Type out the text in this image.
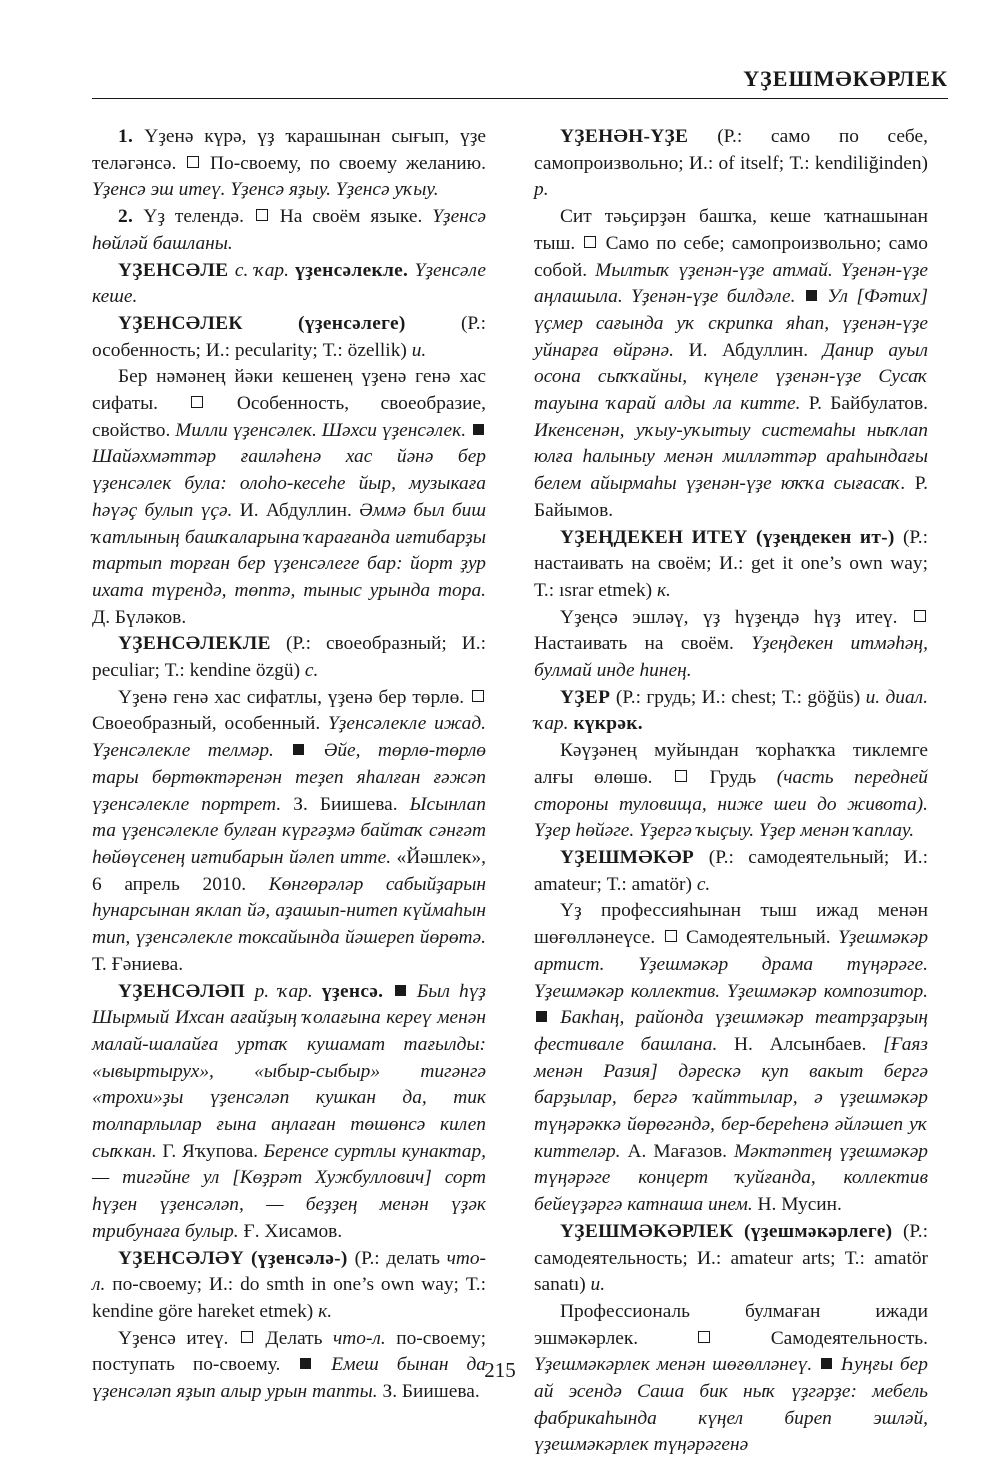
ҮҘЕШМӘКӘРЛЕК

1. Үҙенә күрә, үҙ ҡарашынан сығып, үҙе теләгәнсә.  По-своему, по своему желанию. Үҙенсә эш итеү. Үҙенсә яҙыу. Үҙенсә уҡыу.

2. Үҙ телендә.  На своём языке. Үҙенсә һөйләй башланы.

ҮҘЕНСӘЛЕ с. ҡар. үҙенсәлекле. Үҙенсәле кеше.

ҮҘЕНСӘЛЕК (үҙенсәлеге) (Р.: особенность; И.: pecularity; Т.: özellik) и.

Бер нәмәнең йәки кешенең үҙенә генә хас сифаты.  Особенность, своеобразие, свойство. Милли үҙенсәлек. Шәхси үҙенсәлек.  Шайәхмәттәр ғаиләһенә хас йәнә бер үҙенсәлек була: олоһо-кесеһе йыр, музыкаға һәүәҫ булып үҫә. И. Абдуллин. Әммә был биш ҡатлының башҡаларына ҡарағанда иғтибарҙы тартып торған бер үҙенсәлеге бар: йорт ҙур ихата түрендә, төптә, тыныс урында тора. Д. Бүләков.

ҮҘЕНСӘЛЕКЛЕ (Р.: своеобразный; И.: peculiar; Т.: kendine özgü) с.

Үҙенә генә хас сифатлы, үҙенә бер төрлө.  Своеобразный, особенный. Үҙенсәлекле ижад. Үҙенсәлекле телмәр.  Әйе, төрлө-төрлө тары бөртөктәренән теҙеп яһалған ғәжәп үҙенсәлекле портрет. З. Биишева. Ысынлап та үҙенсәлекле булған күргәҙмә байтаҡ сәнғәт һөйөүсенең иғтибарын йәлеп итте. «Йәшлек», 6 апрель 2010. Көнгөрәләр сабыйҙарын һунарсынан яклап йә, аҙашып-нитеп күймаһын тип, үҙенсәлекле токсайында йәшереп йөрөтә. Т. Ғәниева.

ҮҘЕНСӘЛӘП р. ҡар. үҙенсә.  Был һүҙ Шырмый Ихсан ағайҙың ҡолағына кереү менән малай-шалайға уртаҡ кушамат тағылды: «ывыртырух», «ыбыр-сыбыр» тигәнгә «трохи»ҙы үҙенсәләп кушкан да, тик толпарлылар ғына аңлаған төшөнсә килеп сыҡкан. Г. Яҡупова. Беренсе суртлы кунактар, — тигәйне ул [Көҙрәт Хужбуллович] сорт һүҙен үҙенсәләп, — беҙҙең менән үҙәк трибунаға булыр. Ғ. Хисамов.

ҮҘЕНСӘЛӘҮ (үҙенсәлә-) (Р.: делать что-л. по-своему; И.: do smth in one’s own way; Т.: kendine göre hareket etmek) к.

Үҙенсә итеү.  Делать что-л. по-своему; поступать по-своему.  Емеш бынан да үҙенсәләп яҙып алыр урын тапты. З. Биишева.

ҮҘЕНӘН-ҮҘЕ (Р.: само по себе, самопроизвольно; И.: of itself; Т.: kendiliğinden) р.

Сит тәьҫирҙән башҡа, кеше ҡатнашынан тыш.  Само по себе; самопроизвольно; само собой. Мылтыҡ үҙенән-үҙе атмай. Үҙенән-үҙе аңлашыла. Үҙенән-үҙе билдәле.  Ул [Фәтих] үҫмер сағында уҡ скрипка яһап, үҙенән-үҙе уйнарға өйрәнә. И. Абдуллин. Данир ауыл осона сыҡҡайны, күңеле үҙенән-үҙе Сусаҡ тауына ҡарай алды ла китте. Р. Байбулатов. Икенсенән, уҡыу-уҡытыу системаһы ныҡлап юлға һалыныу менән милләттәр араһындағы белем айырмаһы үҙенән-үҙе юҡҡа сығасаҡ. Р. Байымов.

ҮҘЕҢДЕКЕН ИТЕҮ (үҙеңдекен ит-) (Р.: настаивать на своём; И.: get it one’s own way; Т.: ısrar etmek) к.

Үҙеңсә эшләү, үҙ һүҙеңдә һүҙ итеү.  Настаивать на своём. Үҙеңдекен итмәһәң, булмай инде һинең.

ҮҘЕР (Р.: грудь; И.: chest; Т.: göğüs) и. диал. ҡар. күкрәк.

Кәүҙәнең муйындан ҡорһаҡҡа тиклемге алғы өлөшө.  Грудь (часть передней стороны туловища, ниже шеи до живота). Үҙер һөйәге. Үҙергә ҡыҫыу. Үҙер менән ҡаплау.

ҮҘЕШМӘКӘР (Р.: самодеятельный; И.: amateur; Т.: amatör) с.

Үҙ профессияһынан тыш ижад менән шөғөлләнеүсе.  Самодеятельный. Үҙешмәкәр артист. Үҙешмәкәр драма түңәрәге. Үҙешмәкәр коллектив. Үҙешмәкәр композитор.  Бакһаң, районда үҙешмәкәр театрҙарҙың фестивале башлана. Н. Алсынбаев. [Ғаяз менән Разия] дәрескә куп вакыт бергә барҙылар, бергә ҡайттылар, ә үҙешмәкәр түңәрәккә йөрөгәндә, бер-береһенә әйләшеп уҡ киттеләр. А. Мағазов. Мәктәптең үҙешмәкәр түңәрәге концерт ҡуйғанда, коллектив бейеүҙәргә катнаша инем. Н. Мусин.

ҮҘЕШМӘКӘРЛЕК (үҙешмәкәрлеге) (Р.: самодеятельность; И.: amateur arts; Т.: amatör sanatı) и.

Профессиональ булмаған ижади эшмәкәрлек.  Самодеятельность. Үҙешмәкәрлек менән шөғөлләнеү.  Һуңғы бер ай эсендә Саша бик ныҡ үҙгәрҙе: мебель фабрикаһында күңел биреп эшләй, үҙешмәкәрлек түңәрәгенә

215
